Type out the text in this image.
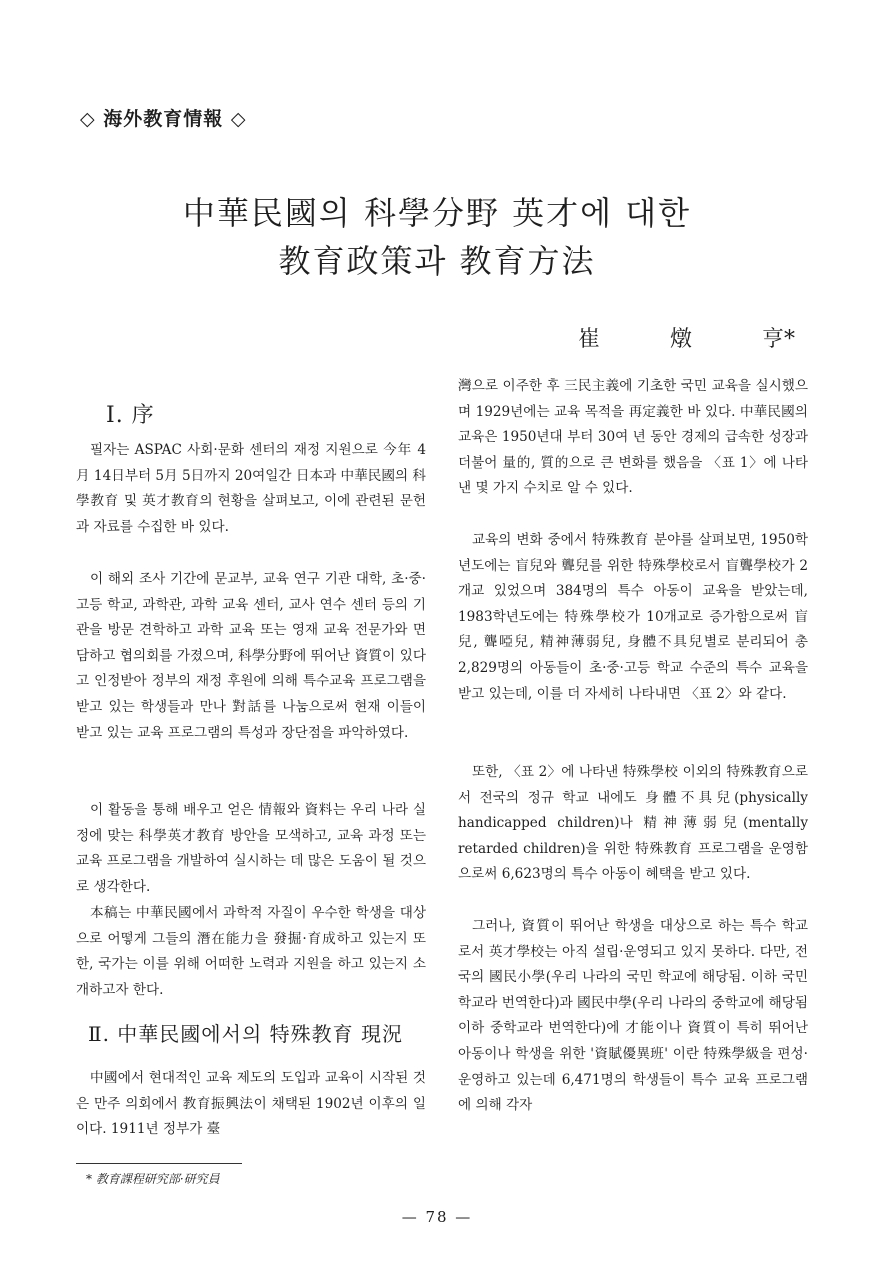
◇ 海外教育情報 ◇
中華民國의 科學分野 英才에 대한
教育政策과 教育方法
崔	燉	亨*
Ⅰ. 序

필자는 ASPAC 사회·문화 센터의 재정 지원으로 今年 4月 14日부터 5月 5日까지 20여일간 日本과 中華民國의 科學教育 및 英才教育의 현황을 살펴보고, 이에 관련된 문헌과 자료를 수집한 바 있다.

이 해외 조사 기간에 문교부, 교육 연구 기관 대학, 초·중·고등 학교, 과학관, 과학 교육 센터, 교사 연수 센터 등의 기관을 방문 견학하고 과학 교육 또는 영재 교육 전문가와 면담하고 협의회를 가졌으며, 科學分野에 뛰어난 資質이 있다고 인정받아 정부의 재정 후원에 의해 특수교육 프로그램을 받고 있는 학생들과 만나 對話를 나눔으로써 현재 이들이 받고 있는 교육 프로그램의 특성과 장단점을 파악하였다.

이 활동을 통해 배우고 얻은 情報와 資料는 우리 나라 실정에 맞는 科學英才教育 방안을 모색하고, 교육 과정 또는 교육 프로그램을 개발하여 실시하는 데 많은 도움이 될 것으로 생각한다.

本稿는 中華民國에서 과학적 자질이 우수한 학생을 대상으로 어떻게 그들의 潛在能力을 發掘·育成하고 있는지 또한, 국가는 이를 위해 어떠한 노력과 지원을 하고 있는지 소개하고자 한다.

Ⅱ. 中華民國에서의 特殊教育 現況

中國에서 현대적인 교육 제도의 도입과 교육이 시작된 것은 만주 의회에서 教育振興法이 채택된 1902년 이후의 일이다. 1911년 정부가 臺

灣으로 이주한 후 三民主義에 기초한 국민 교육을 실시했으며 1929년에는 교육 목적을 再定義한 바 있다. 中華民國의 교육은 1950년대 부터 30여 년 동안 경제의 급속한 성장과 더불어 量的, 質的으로 큰 변화를 했음을 〈표 1〉에 나타낸 몇 가지 수치로 알 수 있다.

교육의 변화 중에서 特殊教育 분야를 살펴보면, 1950학년도에는 盲兒와 聾兒를 위한 特殊學校로서 盲聾學校가 2개교 있었으며 384명의 특수 아동이 교육을 받았는데, 1983학년도에는 特殊學校가 10개교로 증가함으로써 盲兒, 聾啞兒, 精神薄弱兒, 身體不具兒별로 분리되어 총 2,829명의 아동들이 초·중·고등 학교 수준의 특수 교육을 받고 있는데, 이를 더 자세히 나타내면 〈표 2〉와 같다.

또한, 〈표 2〉에 나타낸 特殊學校 이외의 特殊教育으로서 전국의 정규 학교 내에도 身體不具兒(physically handicapped children)나 精神薄弱兒(mentally retarded children)을 위한 特殊教育 프로그램을 운영함으로써 6,623명의 특수 아동이 혜택을 받고 있다.

그러나, 資質이 뛰어난 학생을 대상으로 하는 특수 학교로서 英才學校는 아직 설립·운영되고 있지 못하다. 다만, 전국의 國民小學(우리 나라의 국민 학교에 해당됨. 이하 국민 학교라 번역한다)과 國民中學(우리 나라의 중학교에 해당됨 이하 중학교라 번역한다)에 才能이나 資質이 특히 뛰어난 아동이나 학생을 위한 '資賦優異班' 이란 特殊學級을 편성·운영하고 있는데 6,471명의 학생들이 특수 교육 프로그램에 의해 각자

* 教育課程研究部·研究員
— 78 —
